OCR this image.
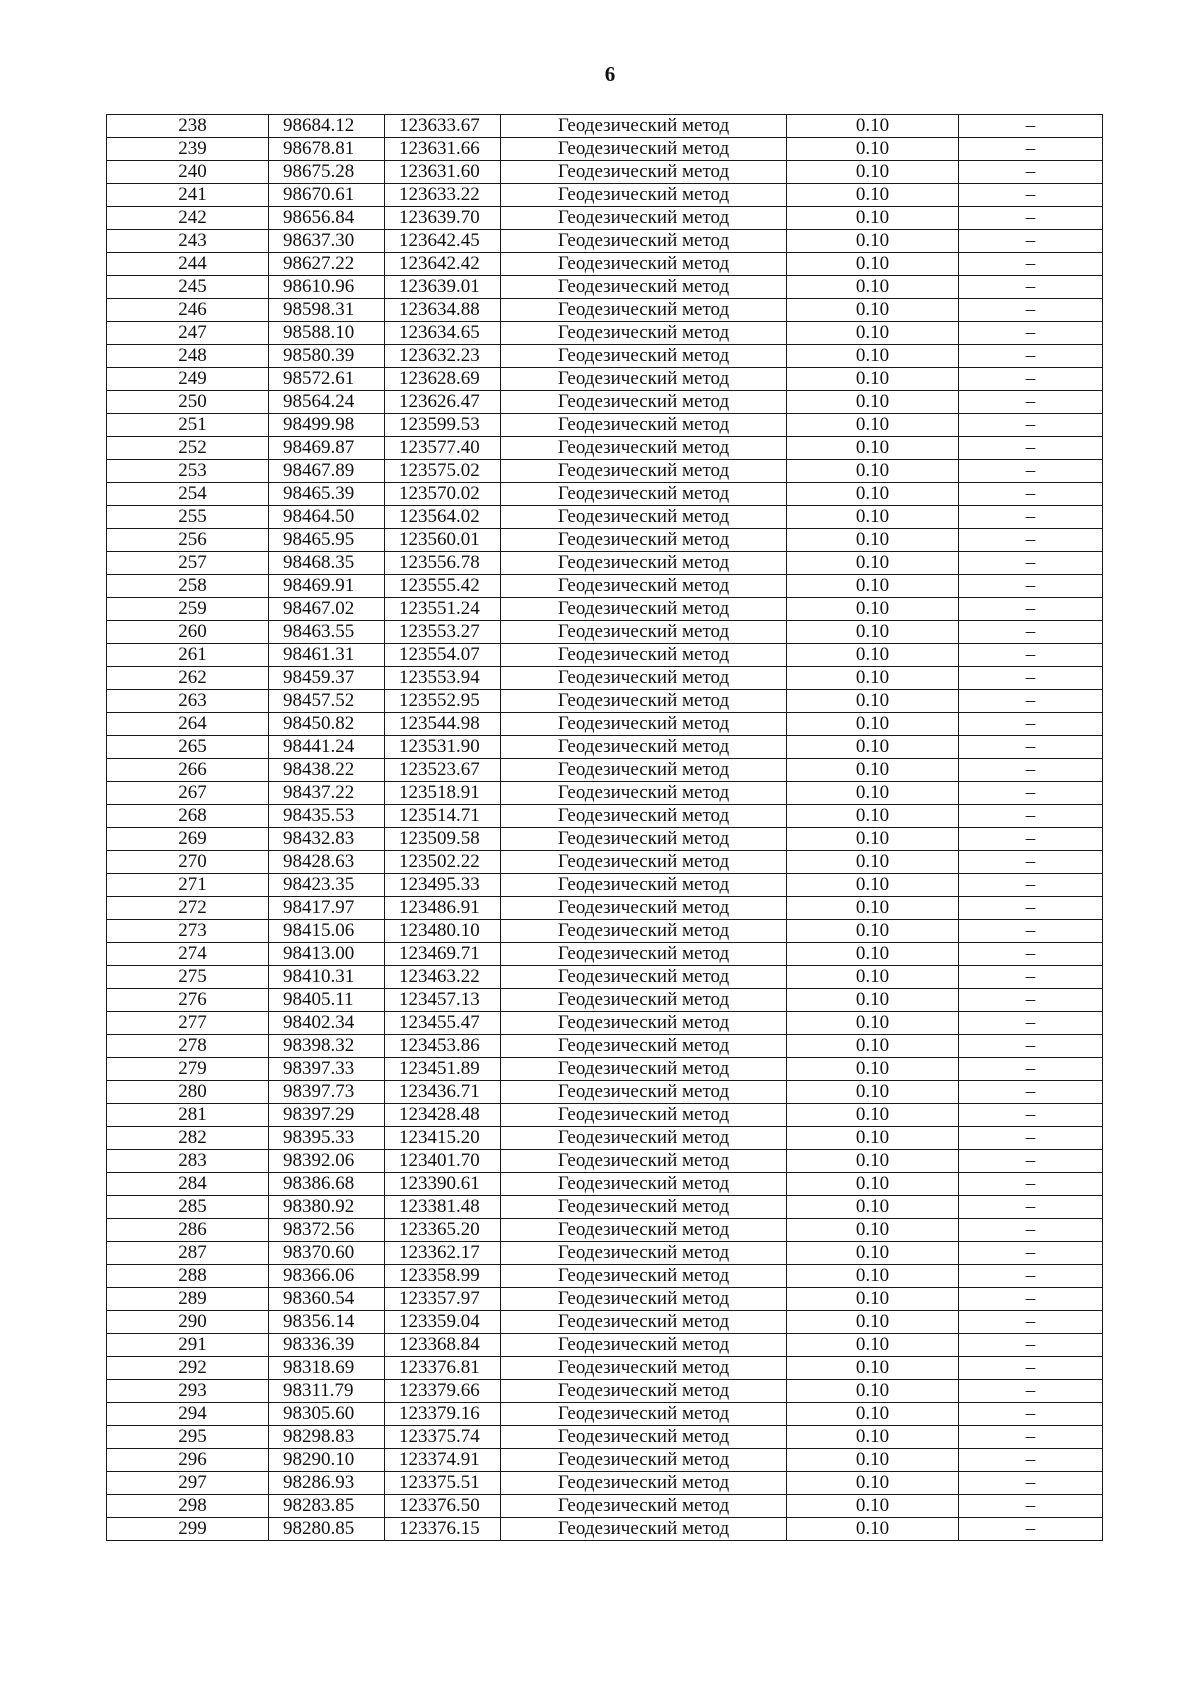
6
238	98684.12	123633.67	Геодезический метод	0.10	–
239	98678.81	123631.66	Геодезический метод	0.10	–
240	98675.28	123631.60	Геодезический метод	0.10	–
241	98670.61	123633.22	Геодезический метод	0.10	–
242	98656.84	123639.70	Геодезический метод	0.10	–
243	98637.30	123642.45	Геодезический метод	0.10	–
244	98627.22	123642.42	Геодезический метод	0.10	–
245	98610.96	123639.01	Геодезический метод	0.10	–
246	98598.31	123634.88	Геодезический метод	0.10	–
247	98588.10	123634.65	Геодезический метод	0.10	–
248	98580.39	123632.23	Геодезический метод	0.10	–
249	98572.61	123628.69	Геодезический метод	0.10	–
250	98564.24	123626.47	Геодезический метод	0.10	–
251	98499.98	123599.53	Геодезический метод	0.10	–
252	98469.87	123577.40	Геодезический метод	0.10	–
253	98467.89	123575.02	Геодезический метод	0.10	–
254	98465.39	123570.02	Геодезический метод	0.10	–
255	98464.50	123564.02	Геодезический метод	0.10	–
256	98465.95	123560.01	Геодезический метод	0.10	–
257	98468.35	123556.78	Геодезический метод	0.10	–
258	98469.91	123555.42	Геодезический метод	0.10	–
259	98467.02	123551.24	Геодезический метод	0.10	–
260	98463.55	123553.27	Геодезический метод	0.10	–
261	98461.31	123554.07	Геодезический метод	0.10	–
262	98459.37	123553.94	Геодезический метод	0.10	–
263	98457.52	123552.95	Геодезический метод	0.10	–
264	98450.82	123544.98	Геодезический метод	0.10	–
265	98441.24	123531.90	Геодезический метод	0.10	–
266	98438.22	123523.67	Геодезический метод	0.10	–
267	98437.22	123518.91	Геодезический метод	0.10	–
268	98435.53	123514.71	Геодезический метод	0.10	–
269	98432.83	123509.58	Геодезический метод	0.10	–
270	98428.63	123502.22	Геодезический метод	0.10	–
271	98423.35	123495.33	Геодезический метод	0.10	–
272	98417.97	123486.91	Геодезический метод	0.10	–
273	98415.06	123480.10	Геодезический метод	0.10	–
274	98413.00	123469.71	Геодезический метод	0.10	–
275	98410.31	123463.22	Геодезический метод	0.10	–
276	98405.11	123457.13	Геодезический метод	0.10	–
277	98402.34	123455.47	Геодезический метод	0.10	–
278	98398.32	123453.86	Геодезический метод	0.10	–
279	98397.33	123451.89	Геодезический метод	0.10	–
280	98397.73	123436.71	Геодезический метод	0.10	–
281	98397.29	123428.48	Геодезический метод	0.10	–
282	98395.33	123415.20	Геодезический метод	0.10	–
283	98392.06	123401.70	Геодезический метод	0.10	–
284	98386.68	123390.61	Геодезический метод	0.10	–
285	98380.92	123381.48	Геодезический метод	0.10	–
286	98372.56	123365.20	Геодезический метод	0.10	–
287	98370.60	123362.17	Геодезический метод	0.10	–
288	98366.06	123358.99	Геодезический метод	0.10	–
289	98360.54	123357.97	Геодезический метод	0.10	–
290	98356.14	123359.04	Геодезический метод	0.10	–
291	98336.39	123368.84	Геодезический метод	0.10	–
292	98318.69	123376.81	Геодезический метод	0.10	–
293	98311.79	123379.66	Геодезический метод	0.10	–
294	98305.60	123379.16	Геодезический метод	0.10	–
295	98298.83	123375.74	Геодезический метод	0.10	–
296	98290.10	123374.91	Геодезический метод	0.10	–
297	98286.93	123375.51	Геодезический метод	0.10	–
298	98283.85	123376.50	Геодезический метод	0.10	–
299	98280.85	123376.15	Геодезический метод	0.10	–
